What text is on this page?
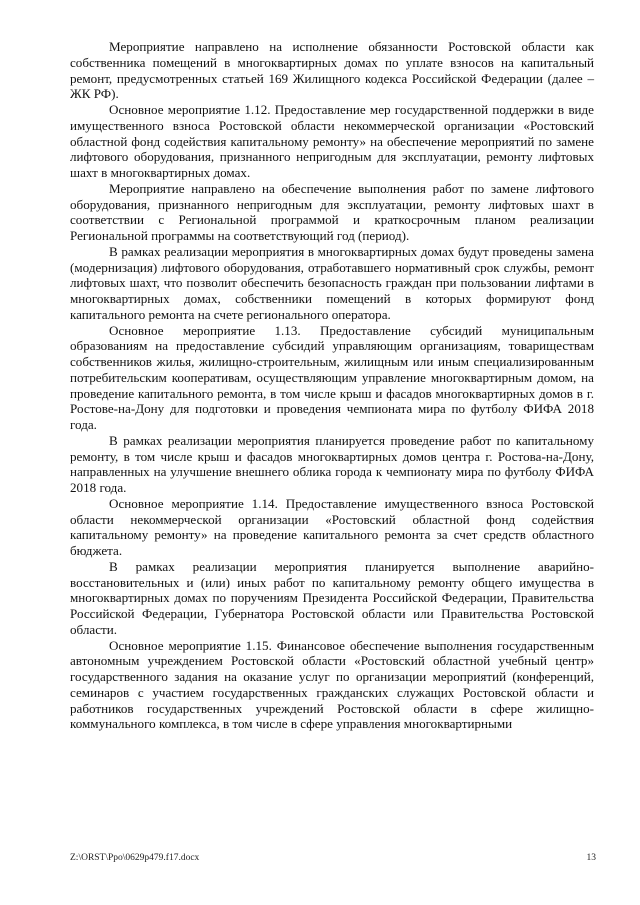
Мероприятие направлено на исполнение обязанности Ростовской области как собственника помещений в многоквартирных домах по уплате взносов на капитальный ремонт, предусмотренных статьей 169 Жилищного кодекса Российской Федерации (далее – ЖК РФ).

Основное мероприятие 1.12. Предоставление мер государственной поддержки в виде имущественного взноса Ростовской области некоммерческой организации «Ростовский областной фонд содействия капитальному ремонту» на обеспечение мероприятий по замене лифтового оборудования, признанного непригодным для эксплуатации, ремонту лифтовых шахт в многоквартирных домах.

Мероприятие направлено на обеспечение выполнения работ по замене лифтового оборудования, признанного непригодным для эксплуатации, ремонту лифтовых шахт в соответствии с Региональной программой и краткосрочным планом реализации Региональной программы на соответствующий год (период).

В рамках реализации мероприятия в многоквартирных домах будут проведены замена (модернизация) лифтового оборудования, отработавшего нормативный срок службы, ремонт лифтовых шахт, что позволит обеспечить безопасность граждан при пользовании лифтами в многоквартирных домах, собственники помещений в которых формируют фонд капитального ремонта на счете регионального оператора.

Основное мероприятие 1.13. Предоставление субсидий муниципальным образованиям на предоставление субсидий управляющим организациям, товариществам собственников жилья, жилищно-строительным, жилищным или иным специализированным потребительским кооперативам, осуществляющим управление многоквартирным домом, на проведение капитального ремонта, в том числе крыш и фасадов многоквартирных домов в г. Ростове-на-Дону для подготовки и проведения чемпионата мира по футболу ФИФА 2018 года.

В рамках реализации мероприятия планируется проведение работ по капитальному ремонту, в том числе крыш и фасадов многоквартирных домов центра г. Ростова-на-Дону, направленных на улучшение внешнего облика города к чемпионату мира по футболу ФИФА 2018 года.

Основное мероприятие 1.14. Предоставление имущественного взноса Ростовской области некоммерческой организации «Ростовский областной фонд содействия капитальному ремонту» на проведение капитального ремонта за счет средств областного бюджета.

В рамках реализации мероприятия планируется выполнение аварийно-восстановительных и (или) иных работ по капитальному ремонту общего имущества в многоквартирных домах по поручениям Президента Российской Федерации, Правительства Российской Федерации, Губернатора Ростовской области или Правительства Ростовской области.

Основное мероприятие 1.15. Финансовое обеспечение выполнения государственным автономным учреждением Ростовской области «Ростовский областной учебный центр» государственного задания на оказание услуг по организации мероприятий (конференций, семинаров с участием государственных гражданских служащих Ростовской области и работников государственных учреждений Ростовской области в сфере жилищно-коммунального комплекса, в том числе в сфере управления многоквартирными

Z:\ORST\Ppo\0629p479.f17.docx	13
